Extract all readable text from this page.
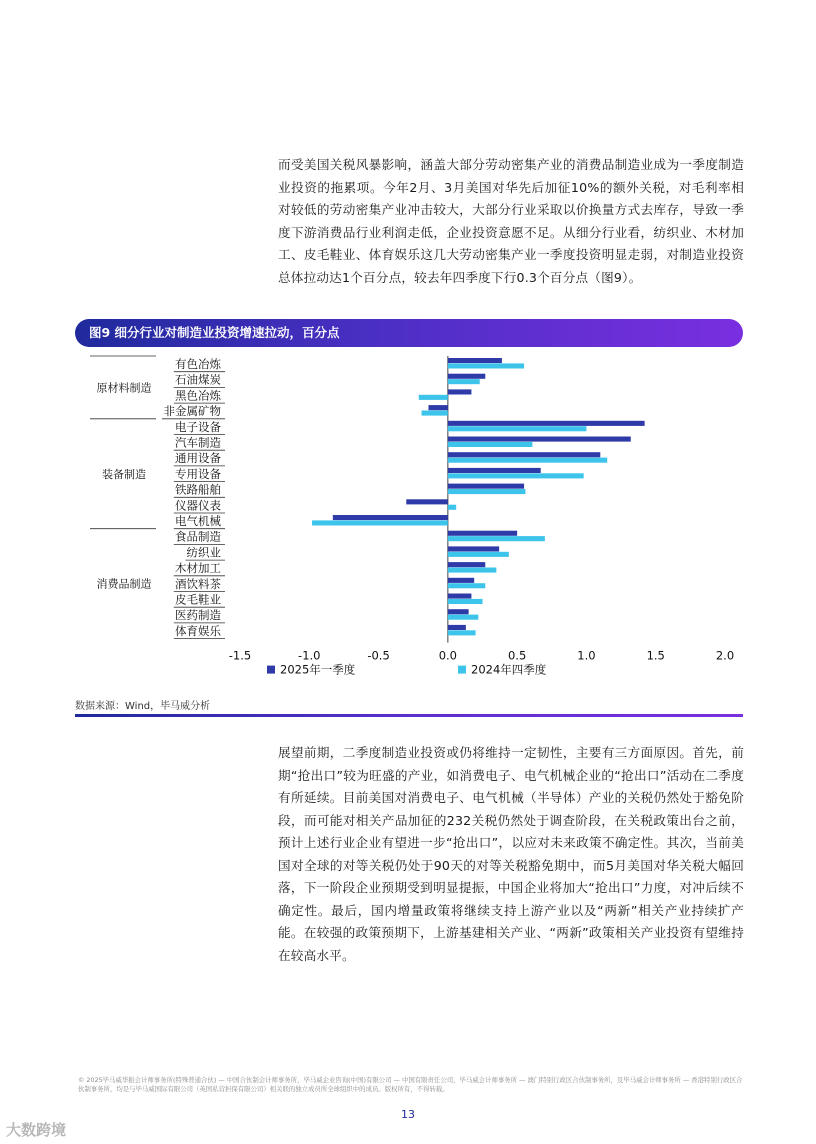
而受美国关税风暴影响，涵盖大部分劳动密集产业的消费品制造业成为一季度制造业投资的拖累项。今年2月、3月美国对华先后加征10%的额外关税，对毛利率相对较低的劳动密集产业冲击较大，大部分行业采取以价换量方式去库存，导致一季度下游消费品行业利润走低，企业投资意愿不足。从细分行业看，纺织业、木材加工、皮毛鞋业、体育娱乐这几大劳动密集产业一季度投资明显走弱，对制造业投资总体拉动达1个百分点，较去年四季度下行0.3个百分点（图9）。
图9 细分行业对制造业投资增速拉动，百分点
有色冶炼
石油煤炭
黑色冶炼
非金属矿物
电子设备
汽车制造
通用设备
专用设备
铁路船舶
仪器仪表
电气机械
食品制造
纺织业
木材加工
酒饮料茶
皮毛鞋业
医药制造
体育娱乐
原材料制造
装备制造
消费品制造
-1.5	-1.0	-0.5	0.0	0.5	1.0	1.5	2.0
2025年一季度	2024年四季度
数据来源：Wind，毕马威分析
展望前期，二季度制造业投资或仍将维持一定韧性，主要有三方面原因。首先，前期“抢出口”较为旺盛的产业，如消费电子、电气机械企业的“抢出口”活动在二季度有所延续。目前美国对消费电子、电气机械（半导体）产业的关税仍然处于豁免阶段，而可能对相关产品加征的232关税仍然处于调查阶段，在关税政策出台之前，预计上述行业企业有望进一步“抢出口”，以应对未来政策不确定性。其次，当前美国对全球的对等关税仍处于90天的对等关税豁免期中，而5月美国对华关税大幅回落，下一阶段企业预期受到明显提振，中国企业将加大“抢出口”力度，对冲后续不确定性。最后，国内增量政策将继续支持上游产业以及“两新”相关产业持续扩产能。在较强的政策预期下，上游基建相关产业、“两新”政策相关产业投资有望维持在较高水平。
© 2025毕马威华振会计师事务所(特殊普通合伙) — 中国合伙制会计师事务所，毕马威企业咨询(中国)有限公司 — 中国有限责任公司，毕马威会计师事务所 — 澳门特别行政区合伙制事务所，及毕马威会计师事务所 — 香港特别行政区合伙制事务所，均是与毕马威国际有限公司（英国私营担保有限公司）相关联的独立成员所全球组织中的成员。版权所有，不得转载。
13
大数跨境
